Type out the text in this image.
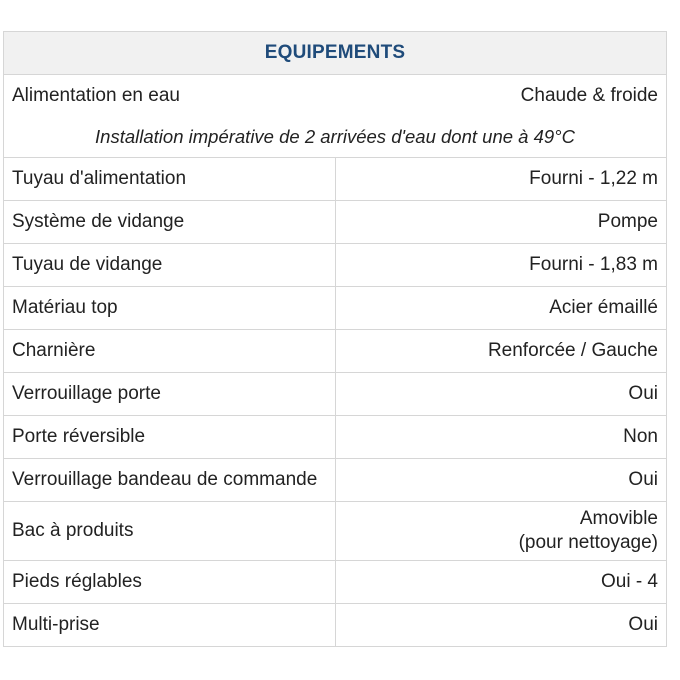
EQUIPEMENTS	
Alimentation en eau	Chaude & froide
Installation impérative de 2 arrivées d'eau dont une à 49°C	
Tuyau d'alimentation	Fourni - 1,22 m
Système de vidange	Pompe
Tuyau de vidange	Fourni - 1,83 m
Matériau top	Acier émaillé
Charnière	Renforcée / Gauche
Verrouillage porte	Oui
Porte réversible	Non
Verrouillage bandeau de commande	Oui
Bac à produits	Amovible
(pour nettoyage)

Pieds réglables	Oui - 4
Multi-prise	Oui
